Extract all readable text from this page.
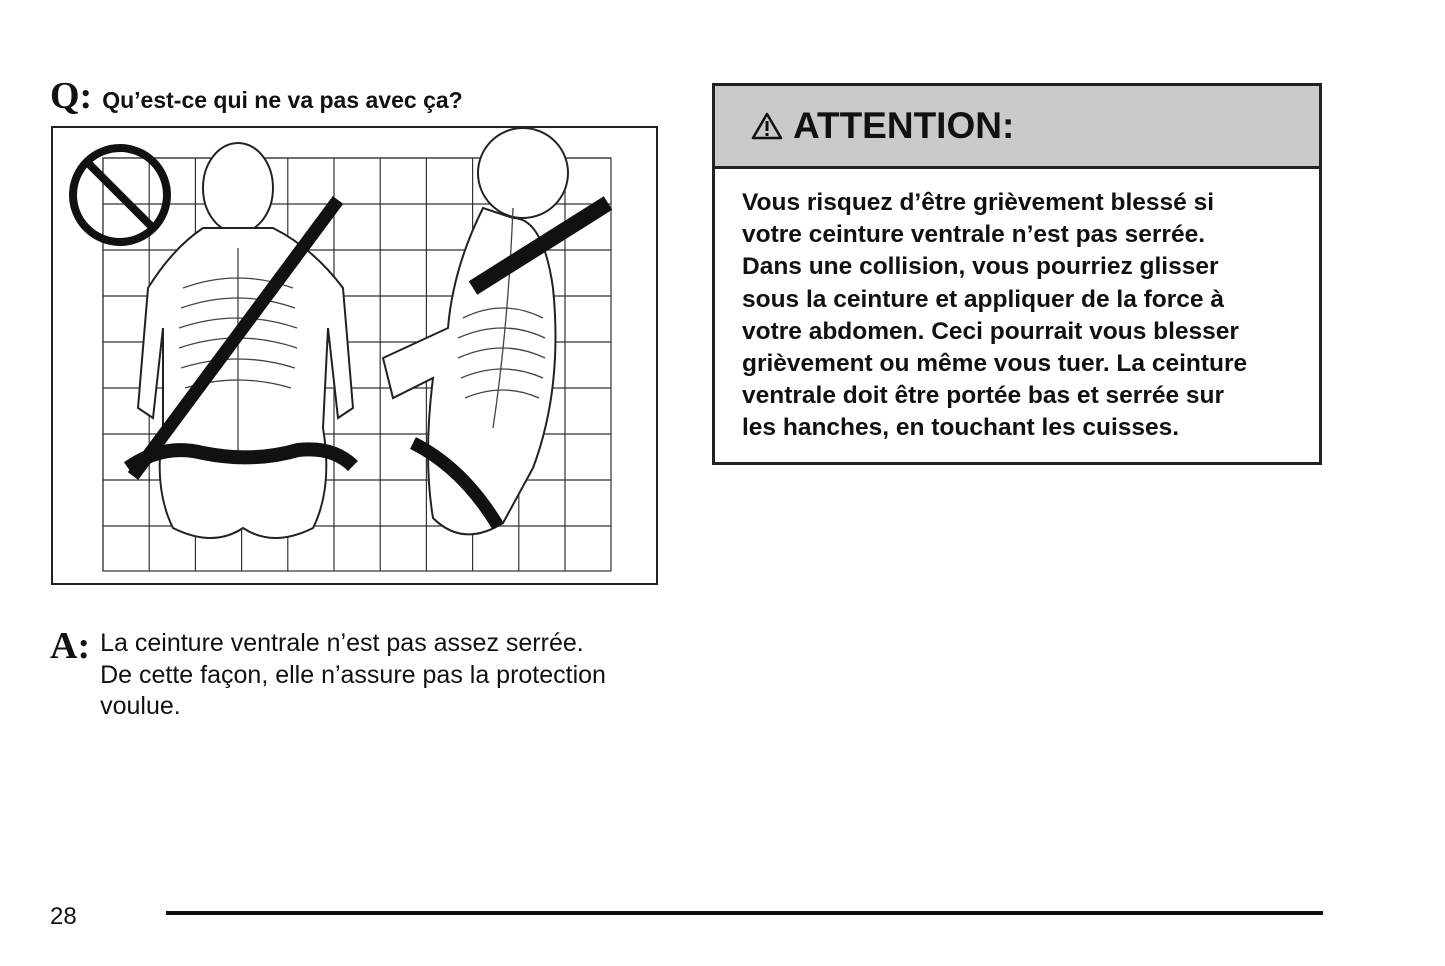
Q: Qu’est-ce qui ne va pas avec ça?
A: La ceinture ventrale n’est pas assez serrée.
De cette façon, elle n’assure pas la protection
voulue.
ATTENTION:
Vous risquez d’être grièvement blessé si
votre ceinture ventrale n’est pas serrée.
Dans une collision, vous pourriez glisser
sous la ceinture et appliquer de la force à
votre abdomen. Ceci pourrait vous blesser
grièvement ou même vous tuer. La ceinture
ventrale doit être portée bas et serrée sur
les hanches, en touchant les cuisses.
28
